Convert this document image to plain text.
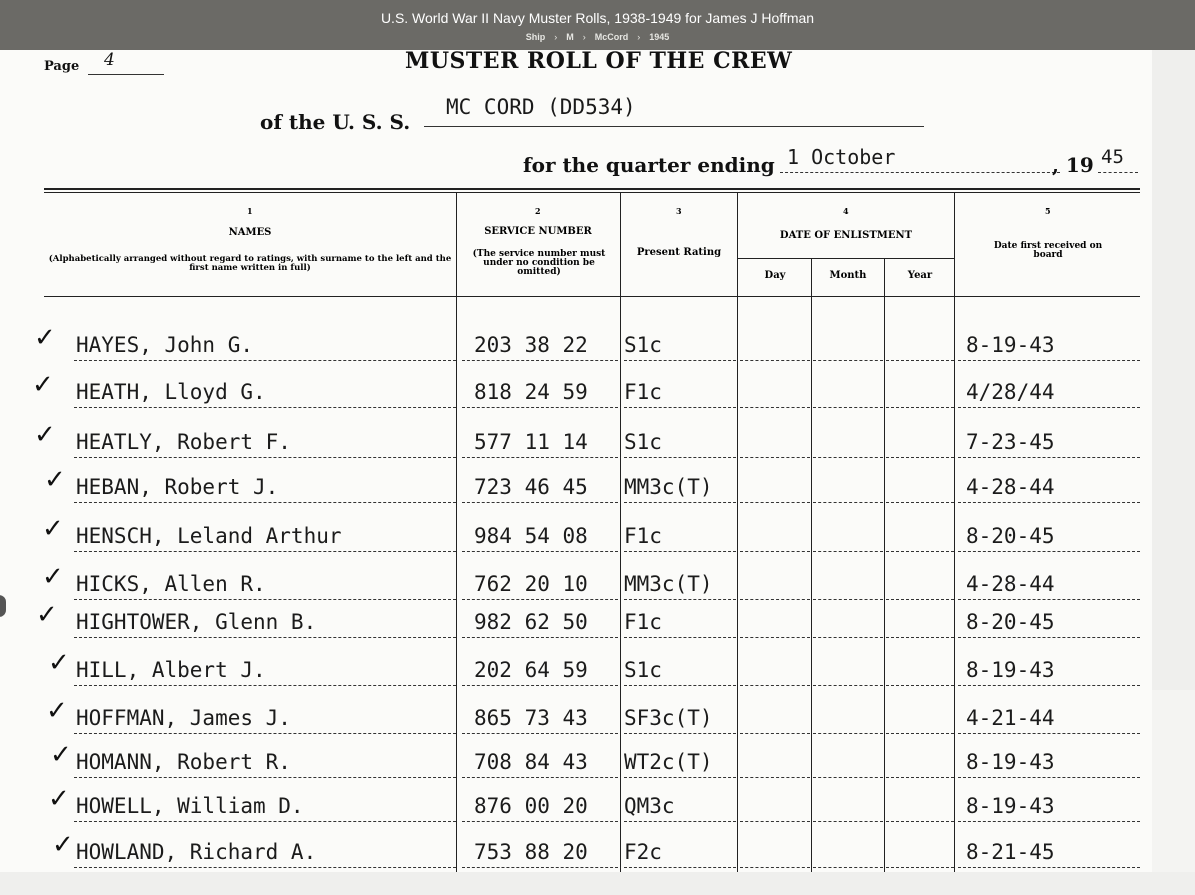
U.S. World War II Navy Muster Rolls, 1938-1949 for James J Hoffman
Ship › M › McCord › 1945
Page 4	MUSTER ROLL OF THE CREW
of the U. S. S.
MC CORD (DD534)
for the quarter ending 1 October	, 19 45
1
NAMES
(Alphabetically arranged without regard to ratings, with surname to the left and the first name written in full)
2
SERVICE NUMBER
(The service number must under no condition be omitted)
3
Present Rating
4
DATE OF ENLISTMENT
Day	Month	Year
5
Date first received on board
✓ HAYES, John G.	203 38 22 S1c	8-19-43
✓ HEATH, Lloyd G.	818 24 59 F1c	4/28/44
✓ HEATLY, Robert F.	577 11 14 S1c	7-23-45
✓ HEBAN, Robert J.	723 46 45 MM3c(T)	4-28-44
✓ HENSCH, Leland Arthur	984 54 08 F1c	8-20-45
✓ HICKS, Allen R.	762 20 10 MM3c(T)	4-28-44
✓ HIGHTOWER, Glenn B.	982 62 50 F1c	8-20-45
✓ HILL, Albert J.	202 64 59 S1c	8-19-43
✓ HOFFMAN, James J.	865 73 43 SF3c(T)	4-21-44
✓ HOMANN, Robert R.	708 84 43 WT2c(T)	8-19-43
✓ HOWELL, William D.	876 00 20 QM3c	8-19-43
✓ HOWLAND, Richard A.	753 88 20 F2c	8-21-45
